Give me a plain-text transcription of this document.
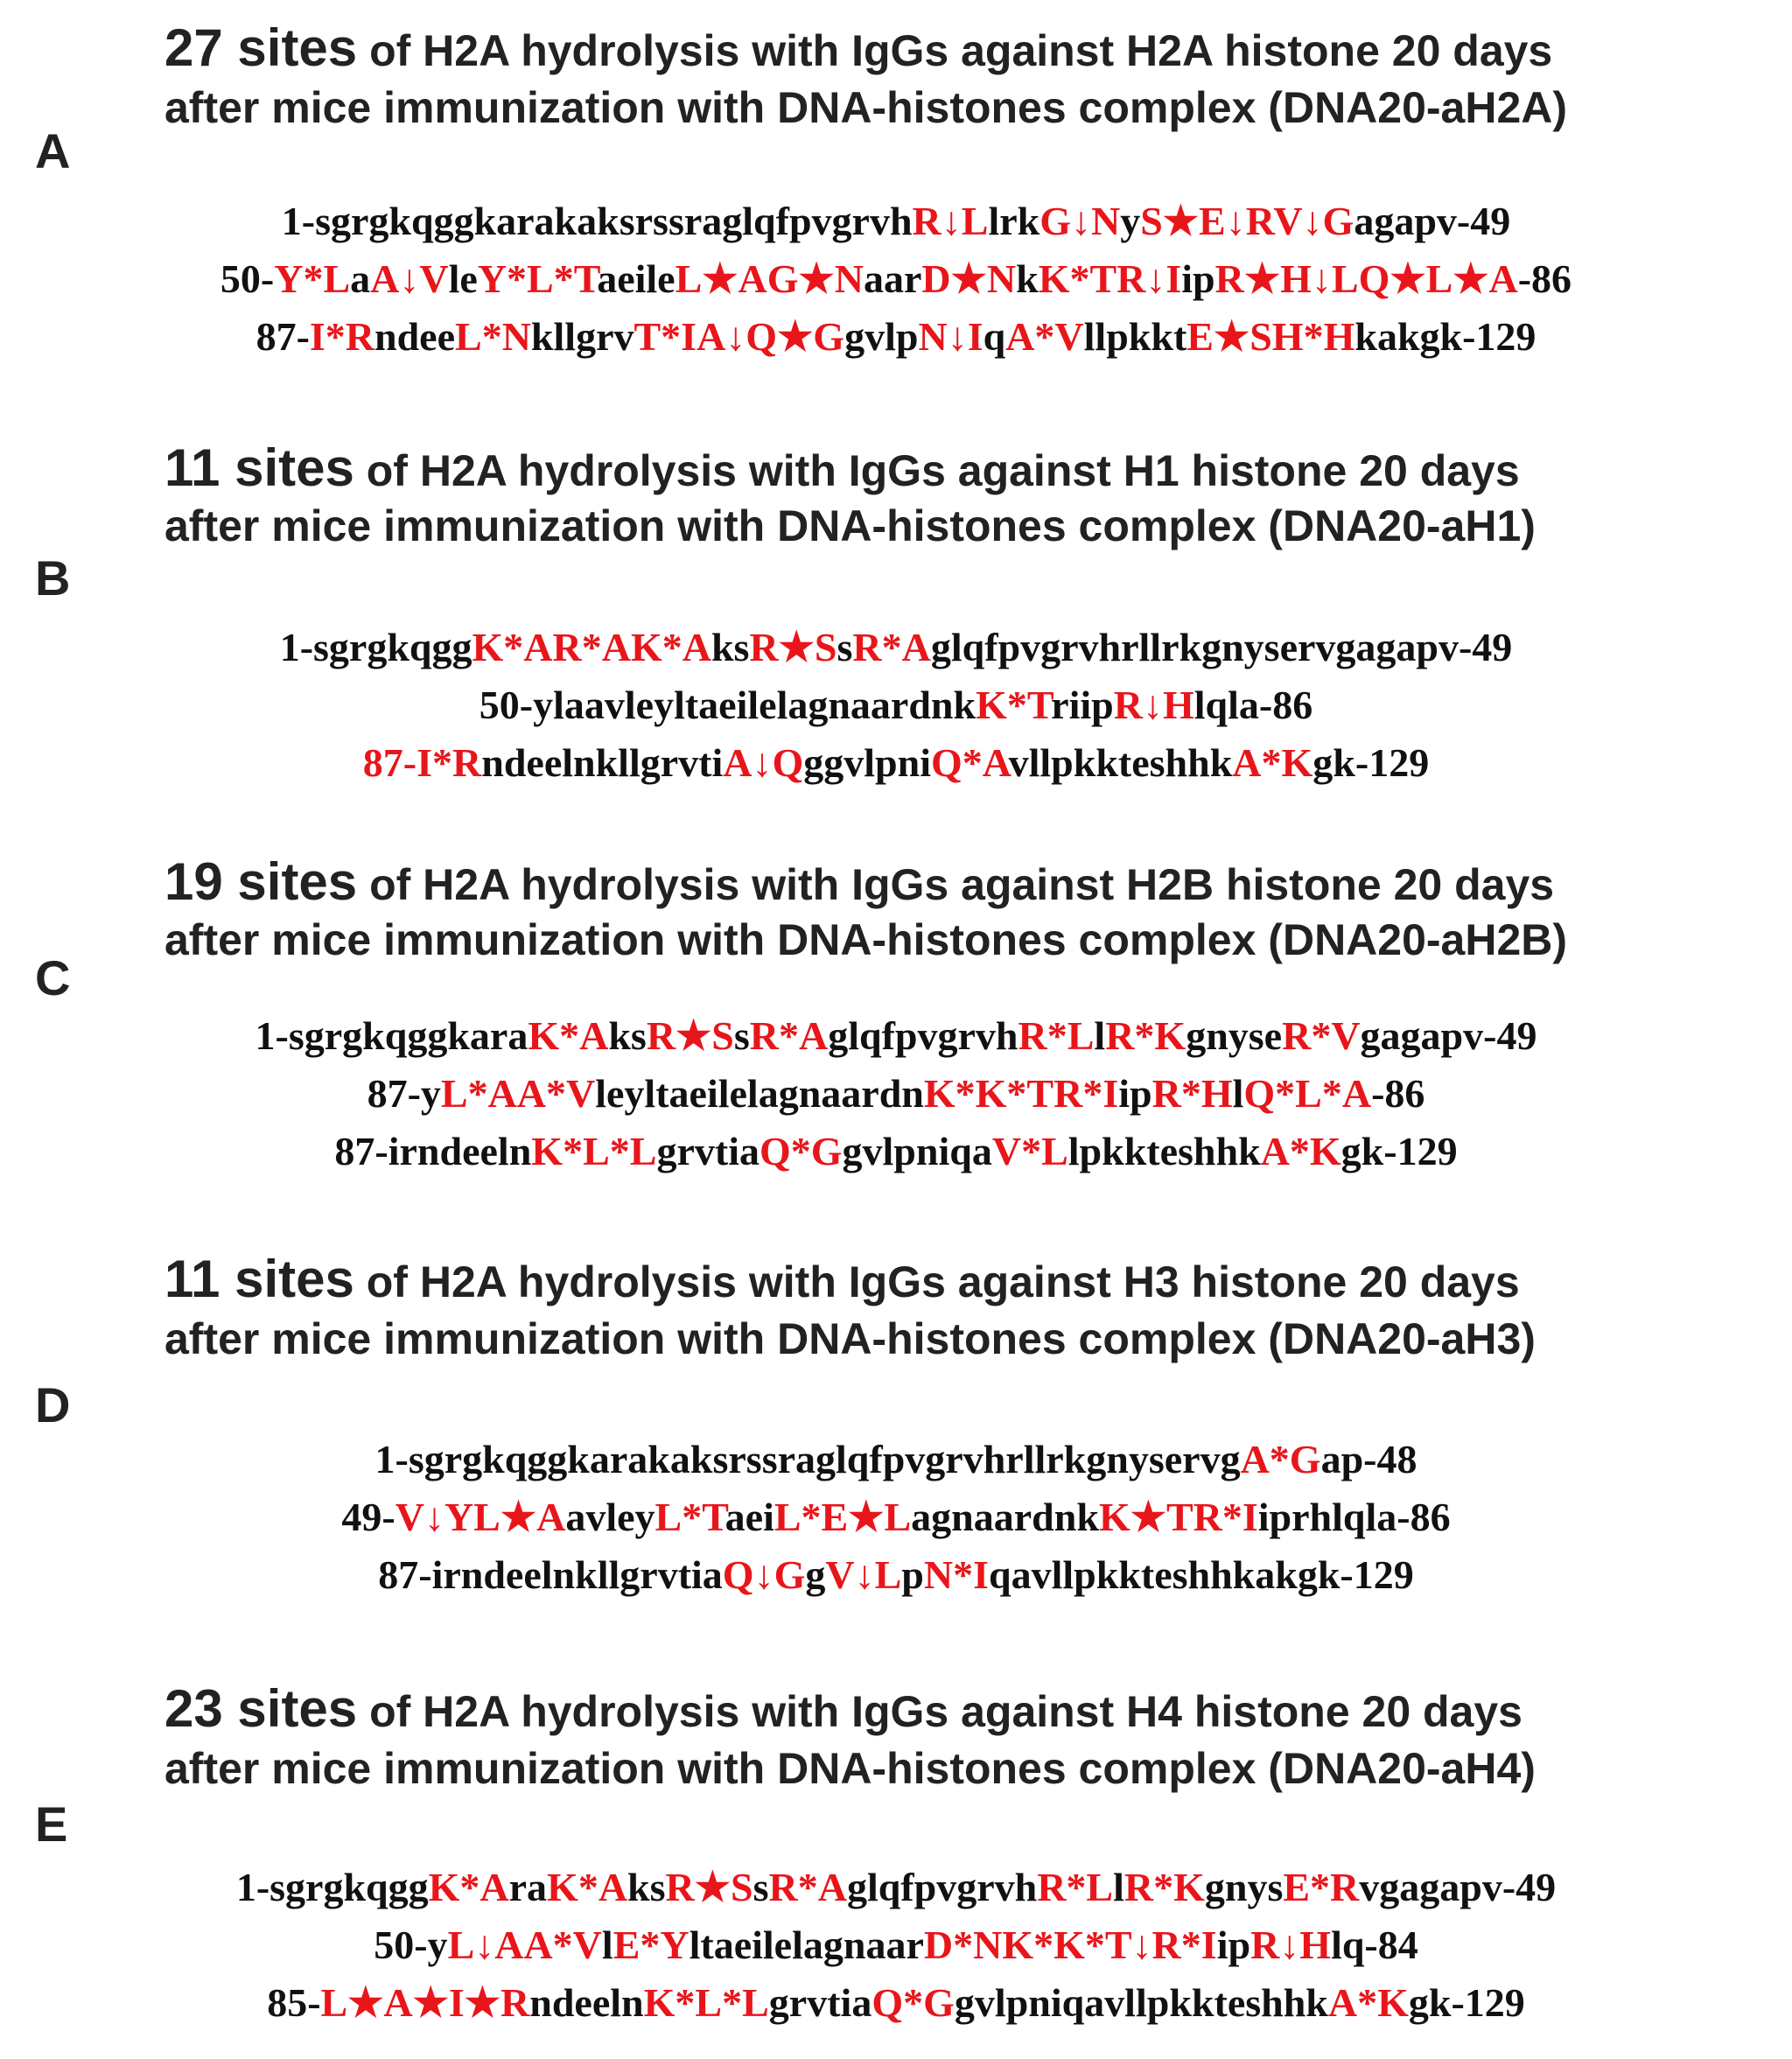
27 sites of H2A hydrolysis with IgGs against H2A histone 20 days
after mice immunization with DNA-histones complex (DNA20-aH2A)
A
1-sgrgkqggkarakaksrssraglqfpvgrvhR↓LlrkG↓NyS★E↓RV↓Gagapv-49
50-Y*LaA↓VleY*L*TaeileL★AG★NaarD★NkK*TR↓IipR★H↓LQ★L★A-86
87-I*RndeeL*NkllgrvT*IA↓Q★GgvlpN↓IqA*VllpkktE★SH*Hkakgk-129
11 sites of H2A hydrolysis with IgGs against H1 histone 20 days
after mice immunization with DNA-histones complex (DNA20-aH1)
B
1-sgrgkqggK*AR*AK*AksR★SsR*Aglqfpvgrvhrllrkgnyservgagapv-49
50-ylaavleyltaeilelagnaardnkK*TriipR↓Hlqla-86
87-I*RndeelnkllgrvtiA↓QggvlpniQ*AvllpkkteshhkA*Kgk-129
19 sites of H2A hydrolysis with IgGs against H2B histone 20 days
after mice immunization with DNA-histones complex (DNA20-aH2B)
C
1-sgrgkqggkaraK*AksR★SsR*AglqfpvgrvhR*LlR*KgnyseR*Vgagapv-49
87-yL*AA*VleyltaeilelagnaardnK*K*TR*IipR*HlQ*L*A-86
87-irndeelnK*L*LgrvtiaQ*GgvlpniqaV*LlpkkteshhkA*Kgk-129
11 sites of H2A hydrolysis with IgGs against H3 histone 20 days
after mice immunization with DNA-histones complex (DNA20-aH3)
D
1-sgrgkqggkarakaksrssraglqfpvgrvhrllrkgnyservgA*Gap-48
49-V↓YL★AavleyL*TaeiL*E★LagnaardnkK★TR*Iiprhlqla-86
87-irndeelnkllgrvtiaQ↓GgV↓LpN*Iqavllpkkteshhkakgk-129
23 sites of H2A hydrolysis with IgGs against H4 histone 20 days
after mice immunization with DNA-histones complex (DNA20-aH4)
E
1-sgrgkqggK*AraK*AksR★SsR*AglqfpvgrvhR*LlR*KgnysE*Rvgagapv-49
50-yL↓AA*VlE*YltaeilelagnaarD*NK*K*T↓R*IipR↓Hlq-84
85-L★A★I★RndeelnK*L*LgrvtiaQ*GgvlpniqavllpkkteshhkA*Kgk-129
